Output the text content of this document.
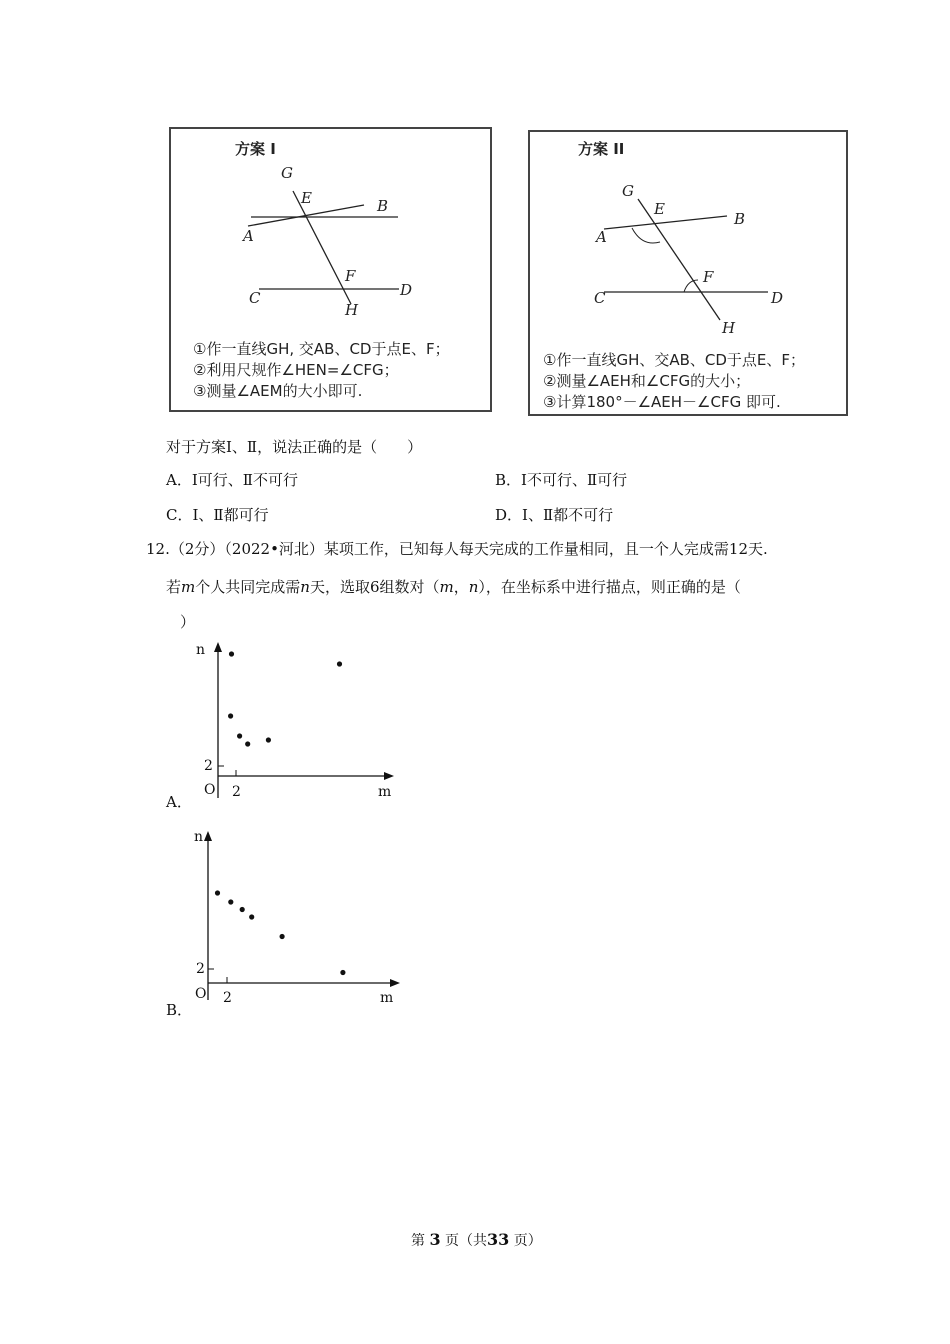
G
E	B
A
F
C	D
H
方案 I
①作一直线GH, 交AB、CD于点E、F；
②利用尺规作∠HEN=∠CFG；
③测量∠AEM的大小即可.
G
E
B
A
F
C	D
H
方案 II
①作一直线GH、交AB、CD于点E、F；
②测量∠AEH和∠CFG的大小；
③计算180°－∠AEH－∠CFG 即可.
对于方案Ⅰ、Ⅱ，说法正确的是（　　）
A．Ⅰ可行、Ⅱ不可行	B．Ⅰ不可行、Ⅱ可行
C．Ⅰ、Ⅱ都可行	D．Ⅰ、Ⅱ都不可行
12.（2分）（2022•河北）某项工作，已知每人每天完成的工作量相同，且一个人完成需12天.
若m个人共同完成需n天，选取6组数对（m，n），在坐标系中进行描点，则正确的是（
）
A．
n
m
O 2
2
B．
n
m
O 2
2
第 3 页（共33 页）
